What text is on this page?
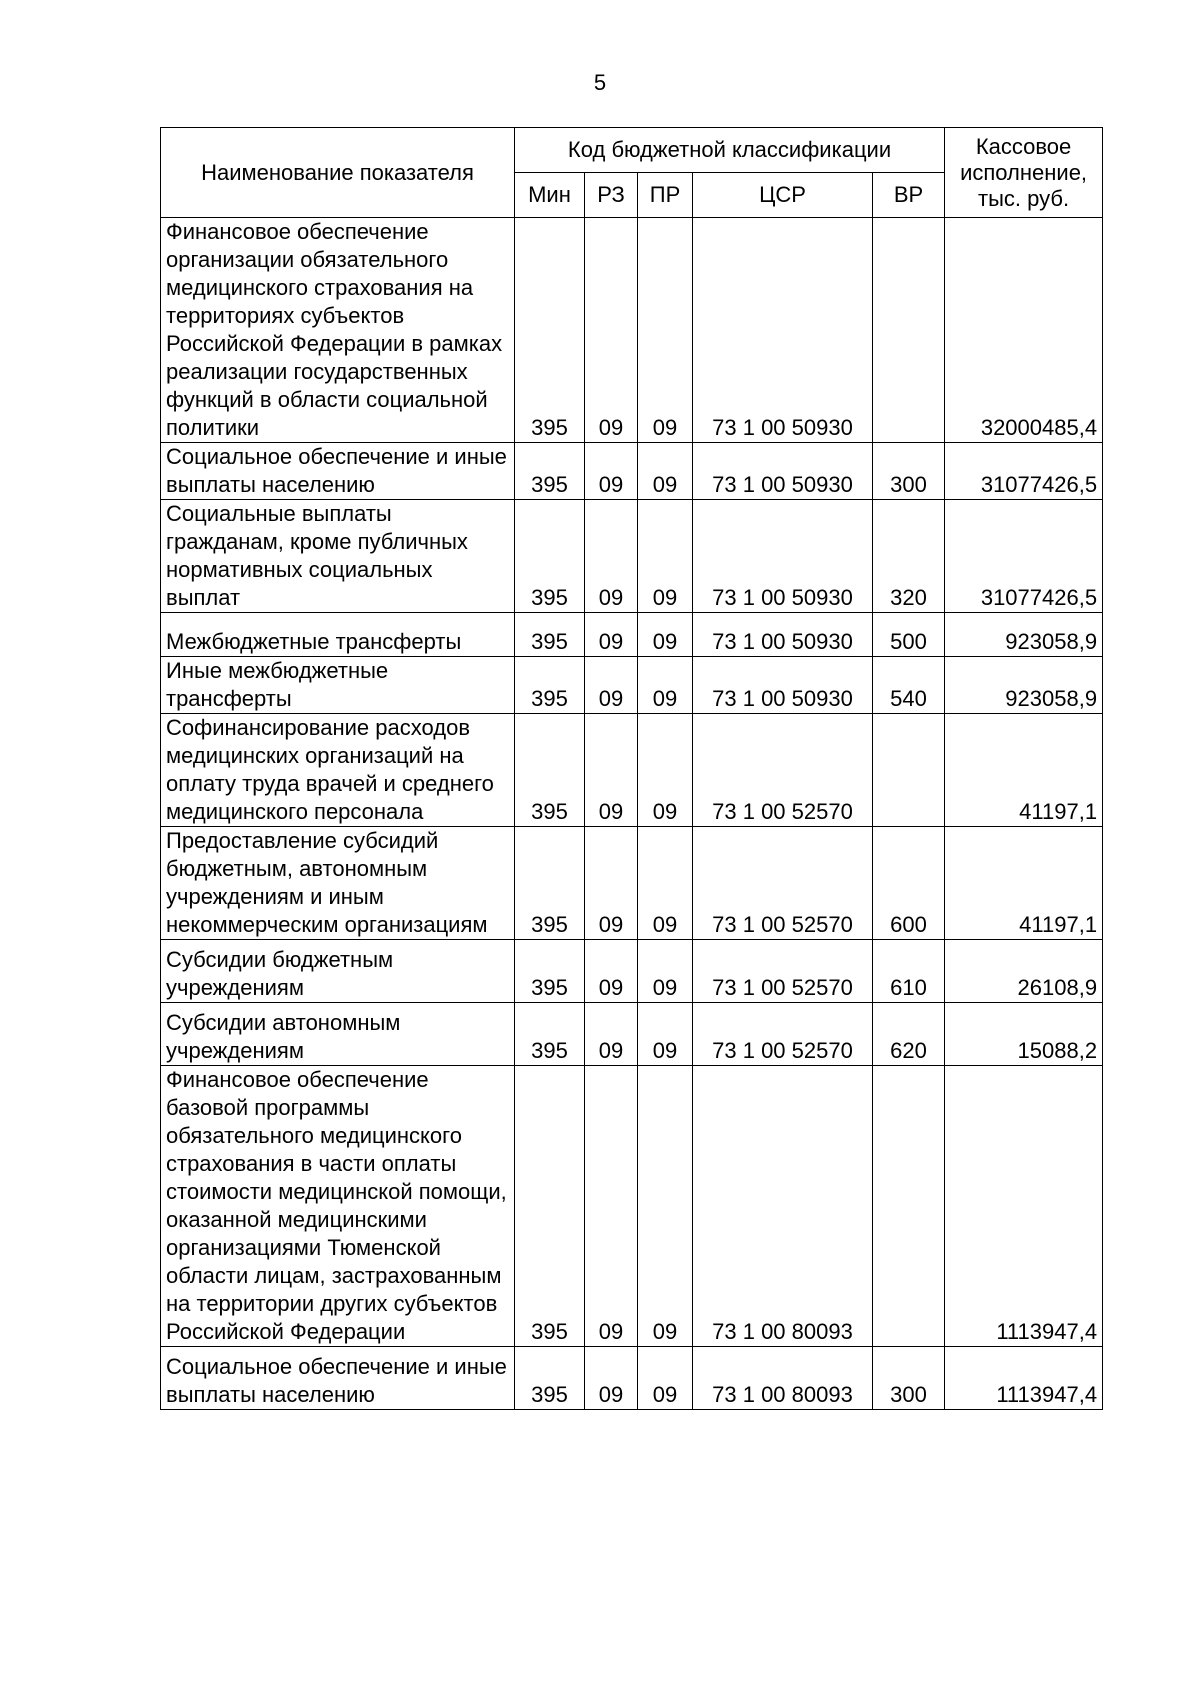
5
Наименование показателя	Код бюджетной классификации					Кассовое исполнение, тыс. руб.
	Мин	РЗ	ПР	ЦСР	ВР	
Финансовое обеспечение организации обязательного медицинского страхования на территориях субъектов Российской Федерации в рамках реализации государственных функций в области социальной политики	395	09	09	73 1 00 50930		32000485,4
Социальное обеспечение и иные выплаты населению	395	09	09	73 1 00 50930	300	31077426,5
Социальные выплаты гражданам, кроме публичных нормативных социальных выплат	395	09	09	73 1 00 50930	320	31077426,5
Межбюджетные трансферты	395	09	09	73 1 00 50930	500	923058,9
Иные межбюджетные трансферты	395	09	09	73 1 00 50930	540	923058,9
Софинансирование расходов медицинских организаций на оплату труда врачей и среднего медицинского персонала	395	09	09	73 1 00 52570		41197,1
Предоставление субсидий бюджетным, автономным учреждениям и иным некоммерческим организациям	395	09	09	73 1 00 52570	600	41197,1
Субсидии бюджетным учреждениям	395	09	09	73 1 00 52570	610	26108,9
Субсидии автономным учреждениям	395	09	09	73 1 00 52570	620	15088,2
Финансовое обеспечение базовой программы обязательного медицинского страхования в части оплаты стоимости медицинской помощи, оказанной медицинскими организациями Тюменской области лицам, застрахованным на территории других субъектов Российской Федерации	395	09	09	73 1 00 80093		1113947,4
Социальное обеспечение и иные выплаты населению	395	09	09	73 1 00 80093	300	1113947,4
